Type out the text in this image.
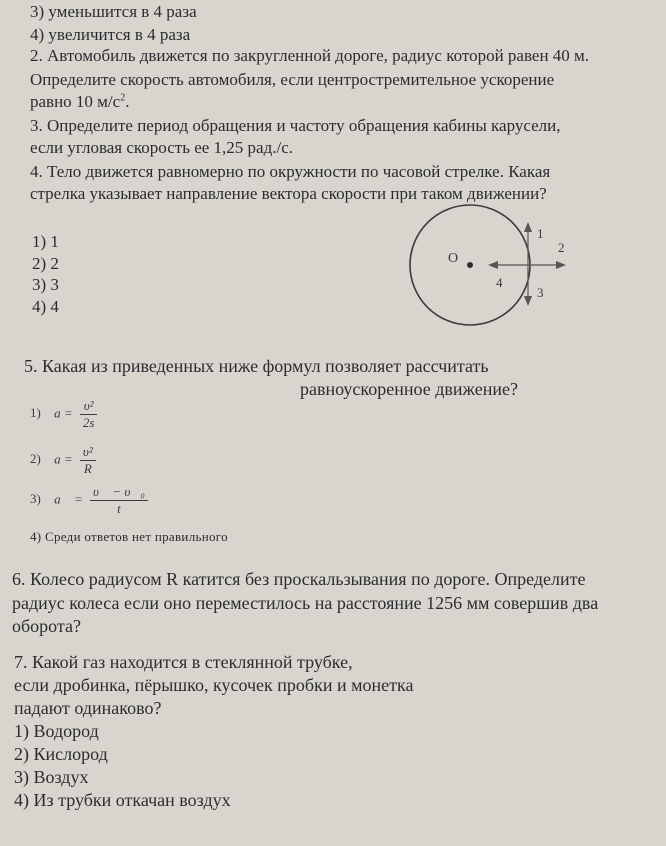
3) уменьшится в 4 раза
4) увеличится в 4 раза
2. Автомобиль движется по закругленной дороге, радиус которой равен 40 м.
Определите скорость автомобиля, если центростремительное ускорение
равно 10 $м/с^2$.
3. Определите период обращения и частоту обращения кабины карусели,
если угловая скорость ее 1,25 рад./с.
4. Тело движется равномерно по окружности по часовой стрелке. Какая
стрелка указывает направление вектора скорости при таком движении?
1) 1
2) 2
3) 3
4) 4
O
1
2
3
4
5. Какая из приведенных ниже формул позволяет рассчитать
равноускоренное движение?
1) $a = \frac{\text{υ²}}{2s}$
2) $a = \frac{\text{υ²}}{R}$
3) a⃗ = $\frac{\text{υ⃗ − υ⃗₀}}{t}$
4) Среди ответов нет правильного
6. Колесо радиусом R катится без проскальзывания по дороге. Определите
радиус колеса если оно переместилось на расстояние 1256 мм совершив два
оборота?
7. Какой газ находится в стеклянной трубке,
если дробинка, пёрышко, кусочек пробки и монетка
падают одинаково?
1) Водород
2) Кислород
3) Воздух
4) Из трубки откачан воздух
